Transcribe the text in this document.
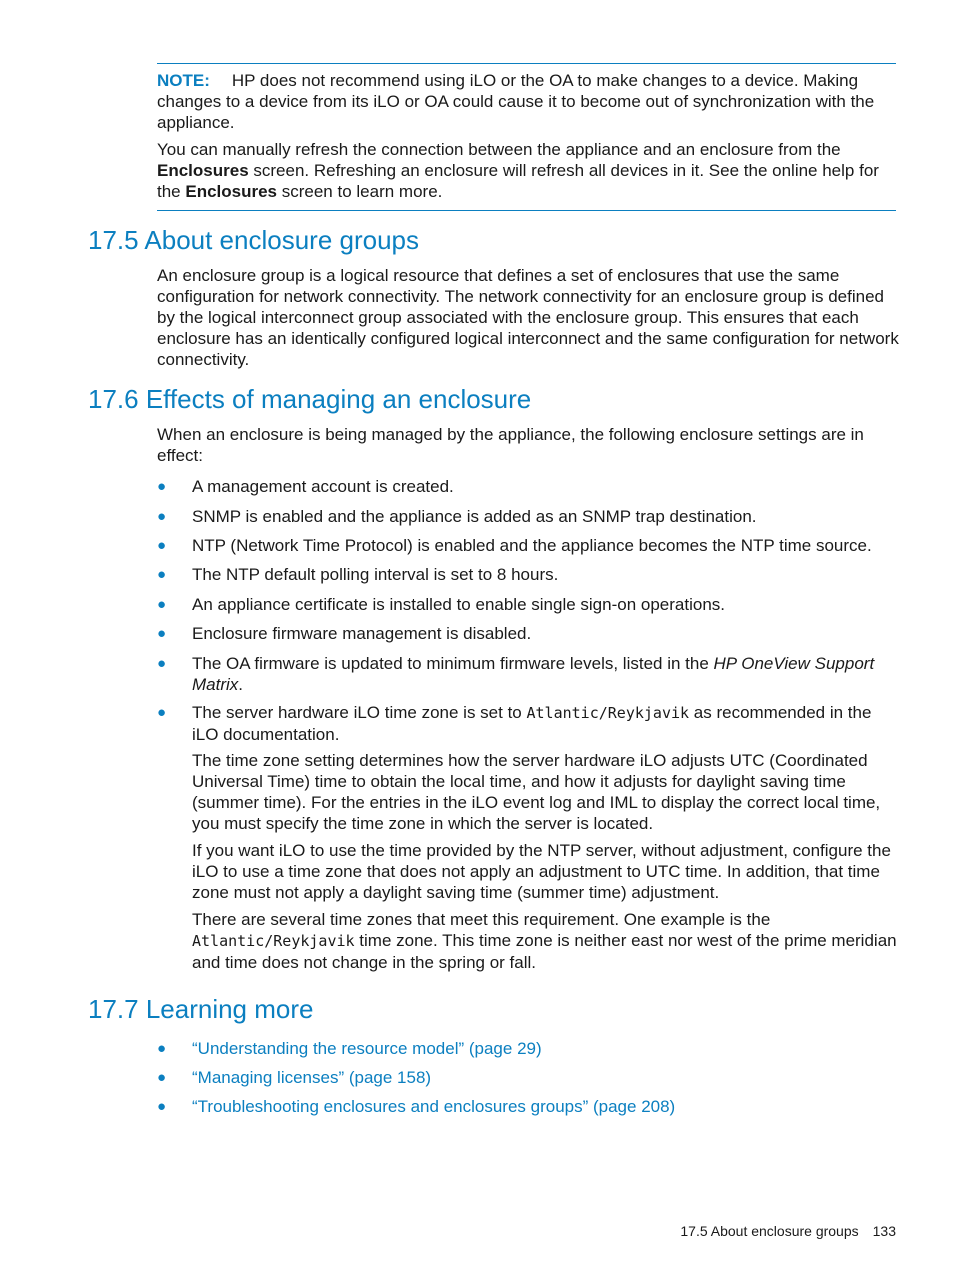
NOTE: HP does not recommend using iLO or the OA to make changes to a device. Making changes to a device from its iLO or OA could cause it to become out of synchronization with the appliance.

You can manually refresh the connection between the appliance and an enclosure from the Enclosures screen. Refreshing an enclosure will refresh all devices in it. See the online help for the Enclosures screen to learn more.

17.5 About enclosure groups

An enclosure group is a logical resource that defines a set of enclosures that use the same configuration for network connectivity. The network connectivity for an enclosure group is defined by the logical interconnect group associated with the enclosure group. This ensures that each enclosure has an identically configured logical interconnect and the same configuration for network connectivity.

17.6 Effects of managing an enclosure

When an enclosure is being managed by the appliance, the following enclosure settings are in effect:

● A management account is created.
● SNMP is enabled and the appliance is added as an SNMP trap destination.
● NTP (Network Time Protocol) is enabled and the appliance becomes the NTP time source.
● The NTP default polling interval is set to 8 hours.
● An appliance certificate is installed to enable single sign-on operations.
● Enclosure firmware management is disabled.
● The OA firmware is updated to minimum firmware levels, listed in the HP OneView Support Matrix.
● The server hardware iLO time zone is set to Atlantic/Reykjavik as recommended in the iLO documentation.

The time zone setting determines how the server hardware iLO adjusts UTC (Coordinated Universal Time) time to obtain the local time, and how it adjusts for daylight saving time (summer time). For the entries in the iLO event log and IML to display the correct local time, you must specify the time zone in which the server is located.

If you want iLO to use the time provided by the NTP server, without adjustment, configure the iLO to use a time zone that does not apply an adjustment to UTC time. In addition, that time zone must not apply a daylight saving time (summer time) adjustment.

There are several time zones that meet this requirement. One example is the Atlantic/Reykjavik time zone. This time zone is neither east nor west of the prime meridian and time does not change in the spring or fall.

17.7 Learning more
● “Understanding the resource model” (page 29)
● “Managing licenses” (page 158)
● “Troubleshooting enclosures and enclosures groups” (page 208)
17.5 About enclosure groups 133
